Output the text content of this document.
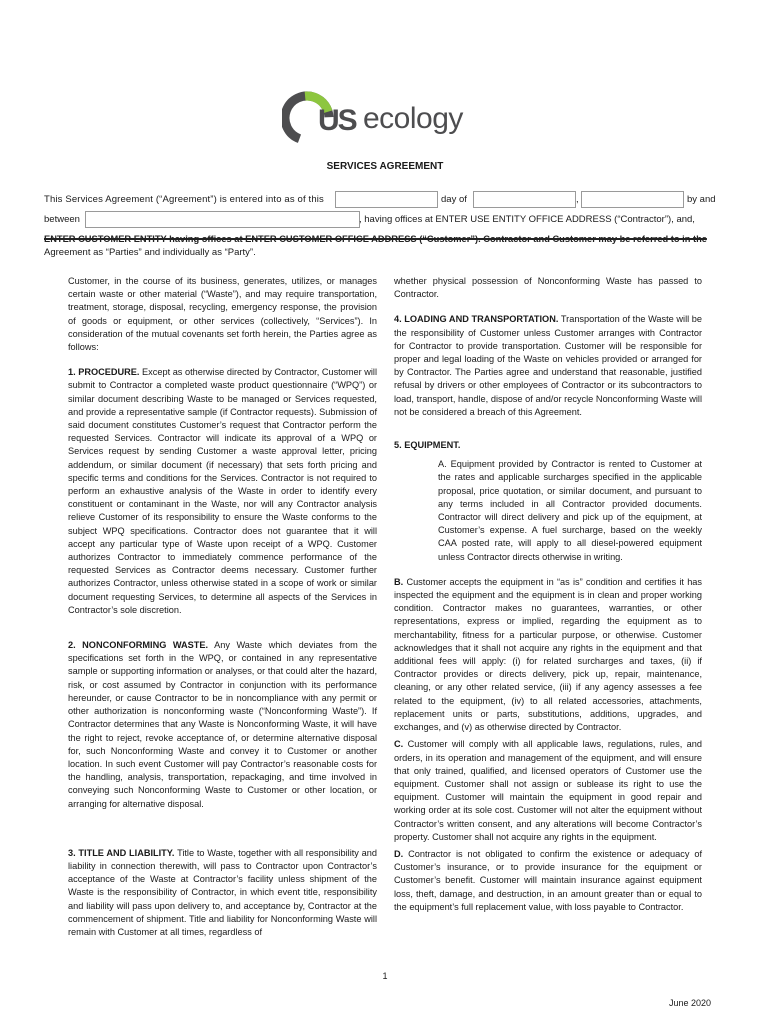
US ecology
SERVICES AGREEMENT
This Services Agreement (“Agreement”) is entered into as of this	day of	,	by and
between	, having offices at ENTER USE ENTITY OFFICE ADDRESS (“Contractor”), and,
ENTER CUSTOMER ENTITY having offices at ENTER CUSTOMER OFFICE ADDRESS (“Customer”). Contractor and Customer may be referred to in the
Agreement as “Parties” and individually as “Party”.

Customer, in the course of its business, generates, utilizes, or manages certain waste or other material (“Waste”), and may require transportation, treatment, storage, disposal, recycling, emergency response, the provision of goods or equipment, or other services (collectively, “Services”). In consideration of the mutual covenants set forth herein, the Parties agree as follows:

1. PROCEDURE. Except as otherwise directed by Contractor, Customer will submit to Contractor a completed waste product questionnaire (“WPQ”) or similar document describing Waste to be managed or Services requested, and provide a representative sample (if Contractor requests). Submission of said document constitutes Customer’s request that Contractor perform the requested Services. Contractor will indicate its approval of a WPQ or Services request by sending Customer a waste approval letter, pricing addendum, or similar document (if necessary) that sets forth pricing and specific terms and conditions for the Services. Contractor is not required to perform an exhaustive analysis of the Waste in order to identify every constituent or contaminant in the Waste, nor will any Contractor analysis relieve Customer of its responsibility to ensure the Waste conforms to the subject WPQ specifications. Contractor does not guarantee that it will accept any particular type of Waste upon receipt of a WPQ. Customer authorizes Contractor to immediately commence performance of the requested Services as Contractor deems necessary. Customer further authorizes Contractor, unless otherwise stated in a scope of work or similar document requesting Services, to determine all aspects of the Services in Contractor’s sole discretion.

2. NONCONFORMING WASTE. Any Waste which deviates from the specifications set forth in the WPQ, or contained in any representative sample or supporting information or analyses, or that could alter the hazard, risk, or cost assumed by Contractor in conjunction with its performance hereunder, or cause Contractor to be in noncompliance with any permit or other authorization is nonconforming waste (“Nonconforming Waste”). If Contractor determines that any Waste is Nonconforming Waste, it will have the right to reject, revoke acceptance of, or determine alternative disposal for, such Nonconforming Waste and convey it to Customer or another location. In such event Customer will pay Contractor’s reasonable costs for the handling, analysis, transportation, repackaging, and time involved in conveying such Nonconforming Waste to Customer or other location, or arranging for alternative disposal.

3. TITLE AND LIABILITY. Title to Waste, together with all responsibility and liability in connection therewith, will pass to Contractor upon Contractor’s acceptance of the Waste at Contractor’s facility unless shipment of the Waste is the responsibility of Contractor, in which event title, responsibility and liability will pass upon delivery to, and acceptance by, Contractor at the commencement of shipment. Title and liability for Nonconforming Waste will remain with Customer at all times, regardless of

whether physical possession of Nonconforming Waste has passed to Contractor.

4. LOADING AND TRANSPORTATION. Transportation of the Waste will be the responsibility of Customer unless Customer arranges with Contractor for Contractor to provide transportation. Customer will be responsible for proper and legal loading of the Waste on vehicles provided or arranged for by Contractor. The Parties agree and understand that reasonable, justified refusal by drivers or other employees of Contractor or its subcontractors to load, transport, handle, dispose of and/or recycle Nonconforming Waste will not be considered a breach of this Agreement.

5. EQUIPMENT.

A. Equipment provided by Contractor is rented to Customer at the rates and applicable surcharges specified in the applicable proposal, price quotation, or similar document, and pursuant to any terms included in all Contractor provided documents. Contractor will direct delivery and pick up of the equipment, at Customer’s expense. A fuel surcharge, based on the weekly CAA posted rate, will apply to all diesel-powered equipment unless Contractor directs otherwise in writing.

B. Customer accepts the equipment in “as is” condition and certifies it has inspected the equipment and the equipment is in clean and proper working condition. Contractor makes no guarantees, warranties, or other representations, express or implied, regarding the equipment as to merchantability, fitness for a particular purpose, or otherwise. Customer acknowledges that it shall not acquire any rights in the equipment and that additional fees will apply: (i) for related surcharges and taxes, (ii) if Contractor provides or directs delivery, pick up, repair, maintenance, cleaning, or any other related service, (iii) if any agency assesses a fee related to the equipment, (iv) to all related accessories, attachments, replacement units or parts, substitutions, additions, upgrades, and exchanges, and (v) as otherwise directed by Contractor.

C. Customer will comply with all applicable laws, regulations, rules, and orders, in its operation and management of the equipment, and will ensure that only trained, qualified, and licensed operators of Customer use the equipment. Customer shall not assign or sublease its right to use the equipment. Customer will maintain the equipment in good repair and working order at its sole cost. Customer will not alter the equipment without Contractor’s written consent, and any alterations will become Contractor’s property. Customer shall not acquire any rights in the equipment.

D. Contractor is not obligated to confirm the existence or adequacy of Customer’s insurance, or to provide insurance for the equipment or Customer’s benefit. Customer will maintain insurance against equipment loss, theft, damage, and destruction, in an amount greater than or equal to the equipment’s full replacement value, with loss payable to Contractor.

1
June 2020
